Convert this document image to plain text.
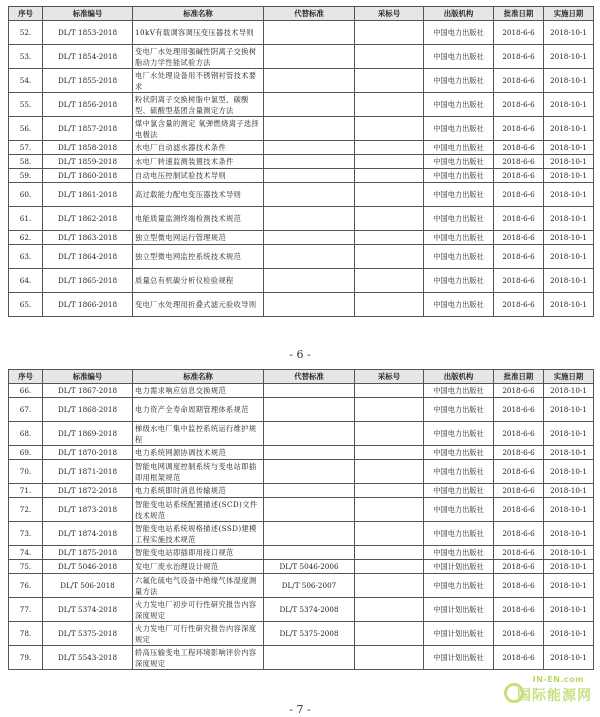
序号	标准编号	标准名称	代替标准	采标号	出版机构	批准日期	实施日期
52.	DL/T 1853-2018	10kV有载调容调压变压器技术导则			中国电力出版社	2018-6-6	2018-10-1
53.	DL/T 1854-2018	变电厂水处理用强碱性阴离子交换树脂动力学性能试验方法			中国电力出版社	2018-6-6	2018-10-1
54.	DL/T 1855-2018	电厂水处理设备用不锈钢衬管技术要求			中国电力出版社	2018-6-6	2018-10-1
55.	DL/T 1856-2018	粉状阴离子交换树脂中氯型、碳酸型、硫酸型基团含量测定方法			中国电力出版社	2018-6-6	2018-10-1
56.	DL/T 1857-2018	煤中氯含量的测定 氧弹燃烧离子选择电极法			中国电力出版社	2018-6-6	2018-10-1
57.	DL/T 1858-2018	水电厂自动滤水器技术条件			中国电力出版社	2018-6-6	2018-10-1
58.	DL/T 1859-2018	水电厂转速监测装置技术条件			中国电力出版社	2018-6-6	2018-10-1
59.	DL/T 1860-2018	自动电压控制试验技术导则			中国电力出版社	2018-6-6	2018-10-1
60.	DL/T 1861-2018	高过载能力配电变压器技术导则			中国电力出版社	2018-6-6	2018-10-1
61.	DL/T 1862-2018	电能质量监测终端检测技术规范			中国电力出版社	2018-6-6	2018-10-1
62.	DL/T 1863-2018	独立型微电网运行管理规范			中国电力出版社	2018-6-6	2018-10-1
63.	DL/T 1864-2018	独立型微电网监控系统技术规范			中国电力出版社	2018-6-6	2018-10-1
64.	DL/T 1865-2018	质量总有机碳分析仪检验规程			中国电力出版社	2018-6-6	2018-10-1
65.	DL/T 1866-2018	变电厂水处理用折叠式滤元验收导则			中国电力出版社	2018-6-6	2018-10-1
- 6 -
序号	标准编号	标准名称	代替标准	采标号	出版机构	批准日期	实施日期
66.	DL/T 1867-2018	电力需求响应信息交换规范			中国电力出版社	2018-6-6	2018-10-1
67.	DL/T 1868-2018	电力资产全寿命周期管理体系规范			中国电力出版社	2018-6-6	2018-10-1
68.	DL/T 1869-2018	梯级水电厂集中监控系统运行维护规程			中国电力出版社	2018-6-6	2018-10-1
69.	DL/T 1870-2018	电力系统网源协调技术规范			中国电力出版社	2018-6-6	2018-10-1
70.	DL/T 1871-2018	智能电网调度控制系统与变电站即插即用框架规范			中国电力出版社	2018-6-6	2018-10-1
71.	DL/T 1872-2018	电力系统即时消息传输规范			中国电力出版社	2018-6-6	2018-10-1
72.	DL/T 1873-2018	智能变电站系统配置描述(SCD)文件技术规范			中国电力出版社	2018-6-6	2018-10-1
73.	DL/T 1874-2018	智能变电站系统规格描述(SSD)建模工程实施技术规范			中国电力出版社	2018-6-6	2018-10-1
74.	DL/T 1875-2018	智能变电站即插即用接口规范			中国电力出版社	2018-6-6	2018-10-1
75.	DL/T 5046-2018	发电厂废水治理设计规范	DL/T 5046-2006		中国计划出版社	2018-6-6	2018-10-1
76.	DL/T 506-2018	六氟化硫电气设备中绝缘气体湿度测量方法	DL/T 506-2007		中国电力出版社	2018-6-6	2018-10-1
77.	DL/T 5374-2018	火力发电厂初步可行性研究报告内容深度规定	DL/T 5374-2008		中国计划出版社	2018-6-6	2018-10-1
78.	DL/T 5375-2018	火力发电厂可行性研究报告内容深度规定	DL/T 5375-2008		中国计划出版社	2018-6-6	2018-10-1
79.	DL/T 5543-2018	轿高压输变电工程环境影响评价内容深度规定			中国计划出版社	2018-6-6	2018-10-1
- 7 -
IN-EN.com
国际能源网
